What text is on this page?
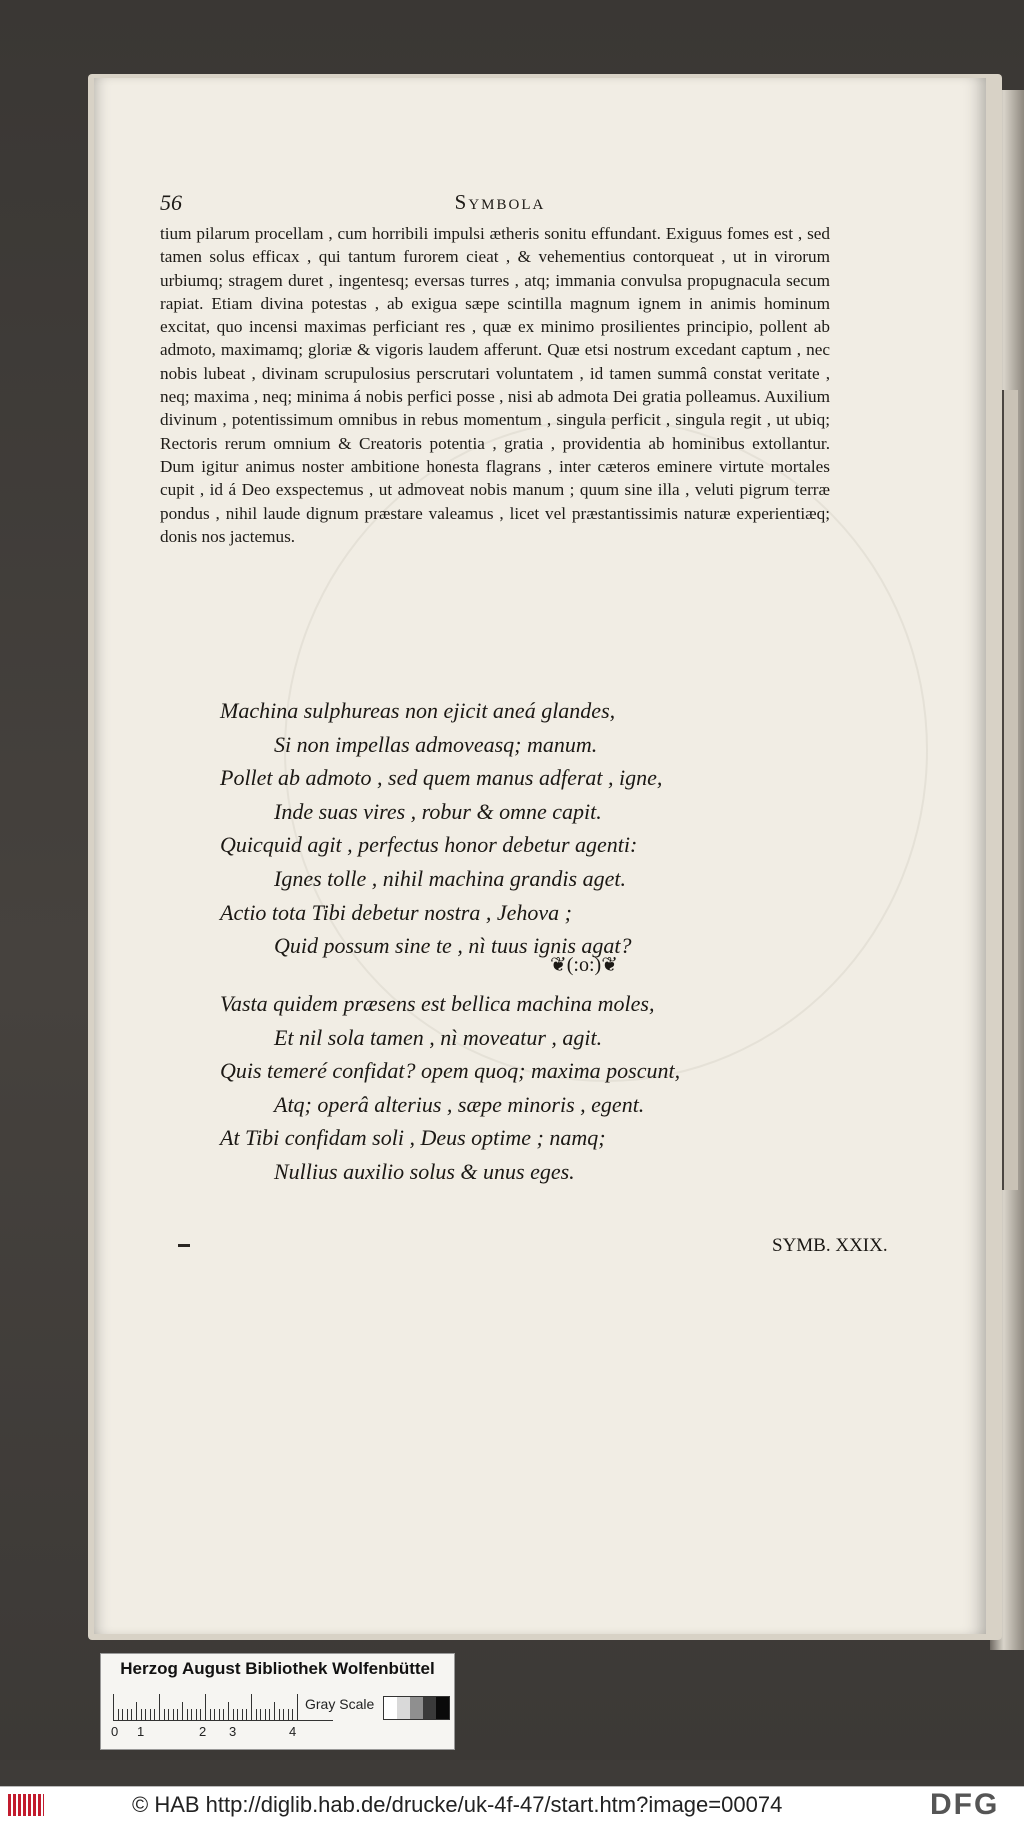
56	Symbola

tium pilarum procellam , cum horribili impulsi ætheris sonitu effundant. Exiguus fomes est , sed tamen solus efficax , qui tantum furorem cieat , & vehementius contorqueat , ut in virorum urbiumq; stragem duret , ingentesq; eversas turres , atq; immania convulsa propugnacula secum rapiat. Etiam divina potestas , ab exigua sæpe scintilla magnum ignem in animis hominum excitat, quo incensi maximas perficiant res , quæ ex minimo prosilientes principio, pollent ab admoto, maximamq; gloriæ & vigoris laudem afferunt. Quæ etsi nostrum excedant captum , nec nobis lubeat , divinam scrupulosius perscrutari voluntatem , id tamen summâ constat veritate , neq; maxima , neq; minima á nobis perfici posse , nisi ab admota Dei gratia polleamus. Auxilium divinum , potentissimum omnibus in rebus momentum , singula perficit , singula regit , ut ubiq; Rectoris rerum omnium & Creatoris potentia , gratia , providentia ab hominibus extollantur. Dum igitur animus noster ambitione honesta flagrans , inter cæteros eminere virtute mortales cupit , id á Deo exspectemus , ut admoveat nobis manum ; quum sine illa , veluti pigrum terræ pondus , nihil laude dignum præstare valeamus , licet vel præstantissimis naturæ experientiæq; donis nos jactemus.

Machina sulphureas non ejicit aneá glandes,
Si non impellas admoveasq; manum.
Pollet ab admoto , sed quem manus adferat , igne,
Inde suas vires , robur & omne capit.
Quicquid agit , perfectus honor debetur agenti:
Ignes tolle , nihil machina grandis aget.
Actio tota Tibi debetur nostra , Jehova ;
Quid possum sine te , nì tuus ignis agat?
❦(:o:)❦
Vasta quidem præsens est bellica machina moles,
Et nil sola tamen , nì moveatur , agit.
Quis temeré confidat? opem quoq; maxima poscunt,
Atq; operâ alterius , sæpe minoris , egent.
At Tibi confidam soli , Deus optime ; namq;
Nullius auxilio solus & unus eges.
SYMB. XXIX.
Herzog August Bibliothek Wolfenbüttel
0 1	2 3	4
Gray Scale
© HAB http://diglib.hab.de/drucke/uk-4f-47/start.htm?image=00074	DFG
